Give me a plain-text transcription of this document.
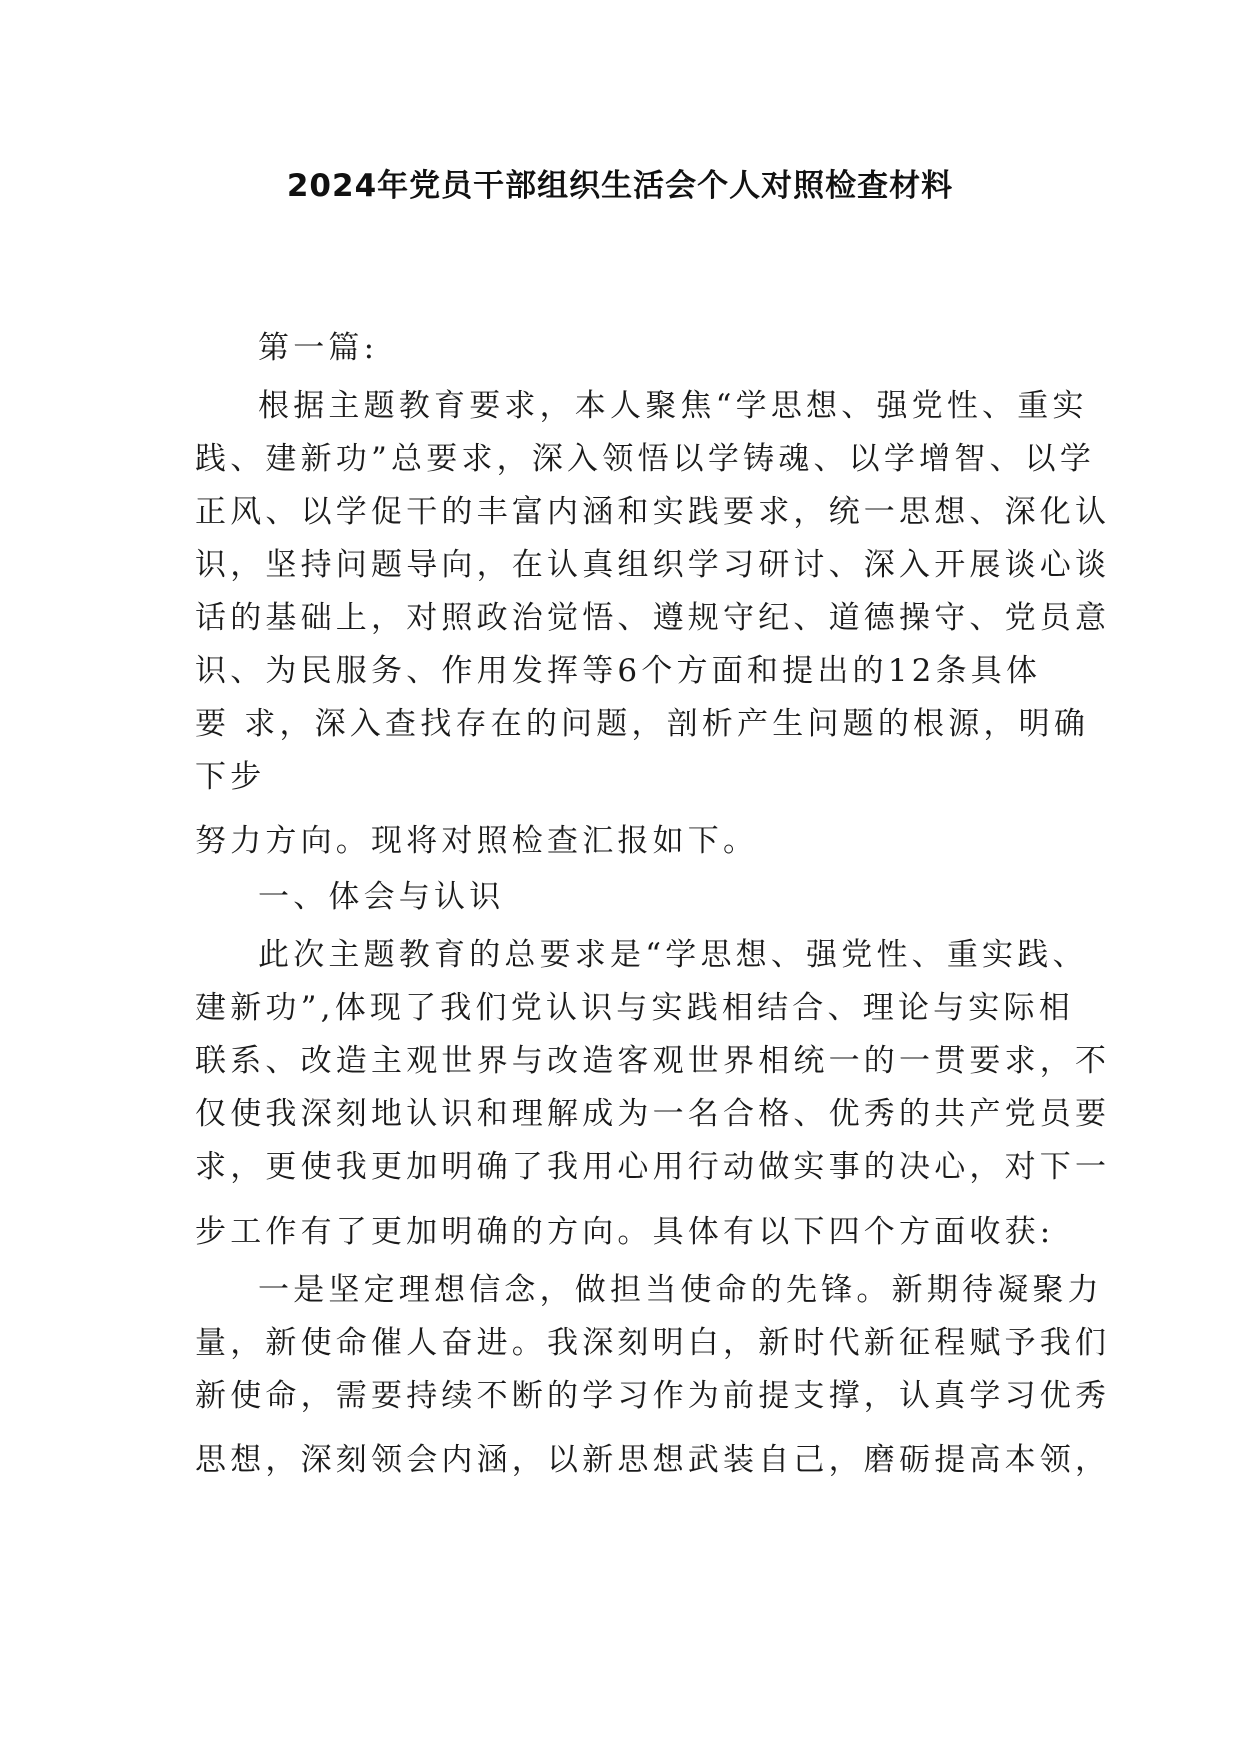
2024年党员干部组织生活会个人对照检查材料
第一篇:
根据主题教育要求，本人聚焦“学思想、强党性、重实
践、建新功”总要求，深入领悟以学铸魂、以学增智、以学
正风、以学促干的丰富内涵和实践要求，统一思想、深化认
识，坚持问题导向，在认真组织学习研讨、深入开展谈心谈
话的基础上，对照政治觉悟、遵规守纪、道德操守、党员意
识、为民服务、作用发挥等6个方面和提出的12条具体
要 求，深入查找存在的问题，剖析产生问题的根源，明确
下步
努力方向。现将对照检查汇报如下。
一、体会与认识
此次主题教育的总要求是“学思想、强党性、重实践、
建新功”,体现了我们党认识与实践相结合、理论与实际相
联系、改造主观世界与改造客观世界相统一的一贯要求，不
仅使我深刻地认识和理解成为一名合格、优秀的共产党员要
求，更使我更加明确了我用心用行动做实事的决心，对下一
步工作有了更加明确的方向。具体有以下四个方面收获:
一是坚定理想信念，做担当使命的先锋。新期待凝聚力
量，新使命催人奋进。我深刻明白，新时代新征程赋予我们
新使命，需要持续不断的学习作为前提支撑，认真学习优秀
思想，深刻领会内涵，以新思想武装自己，磨砺提高本领，
